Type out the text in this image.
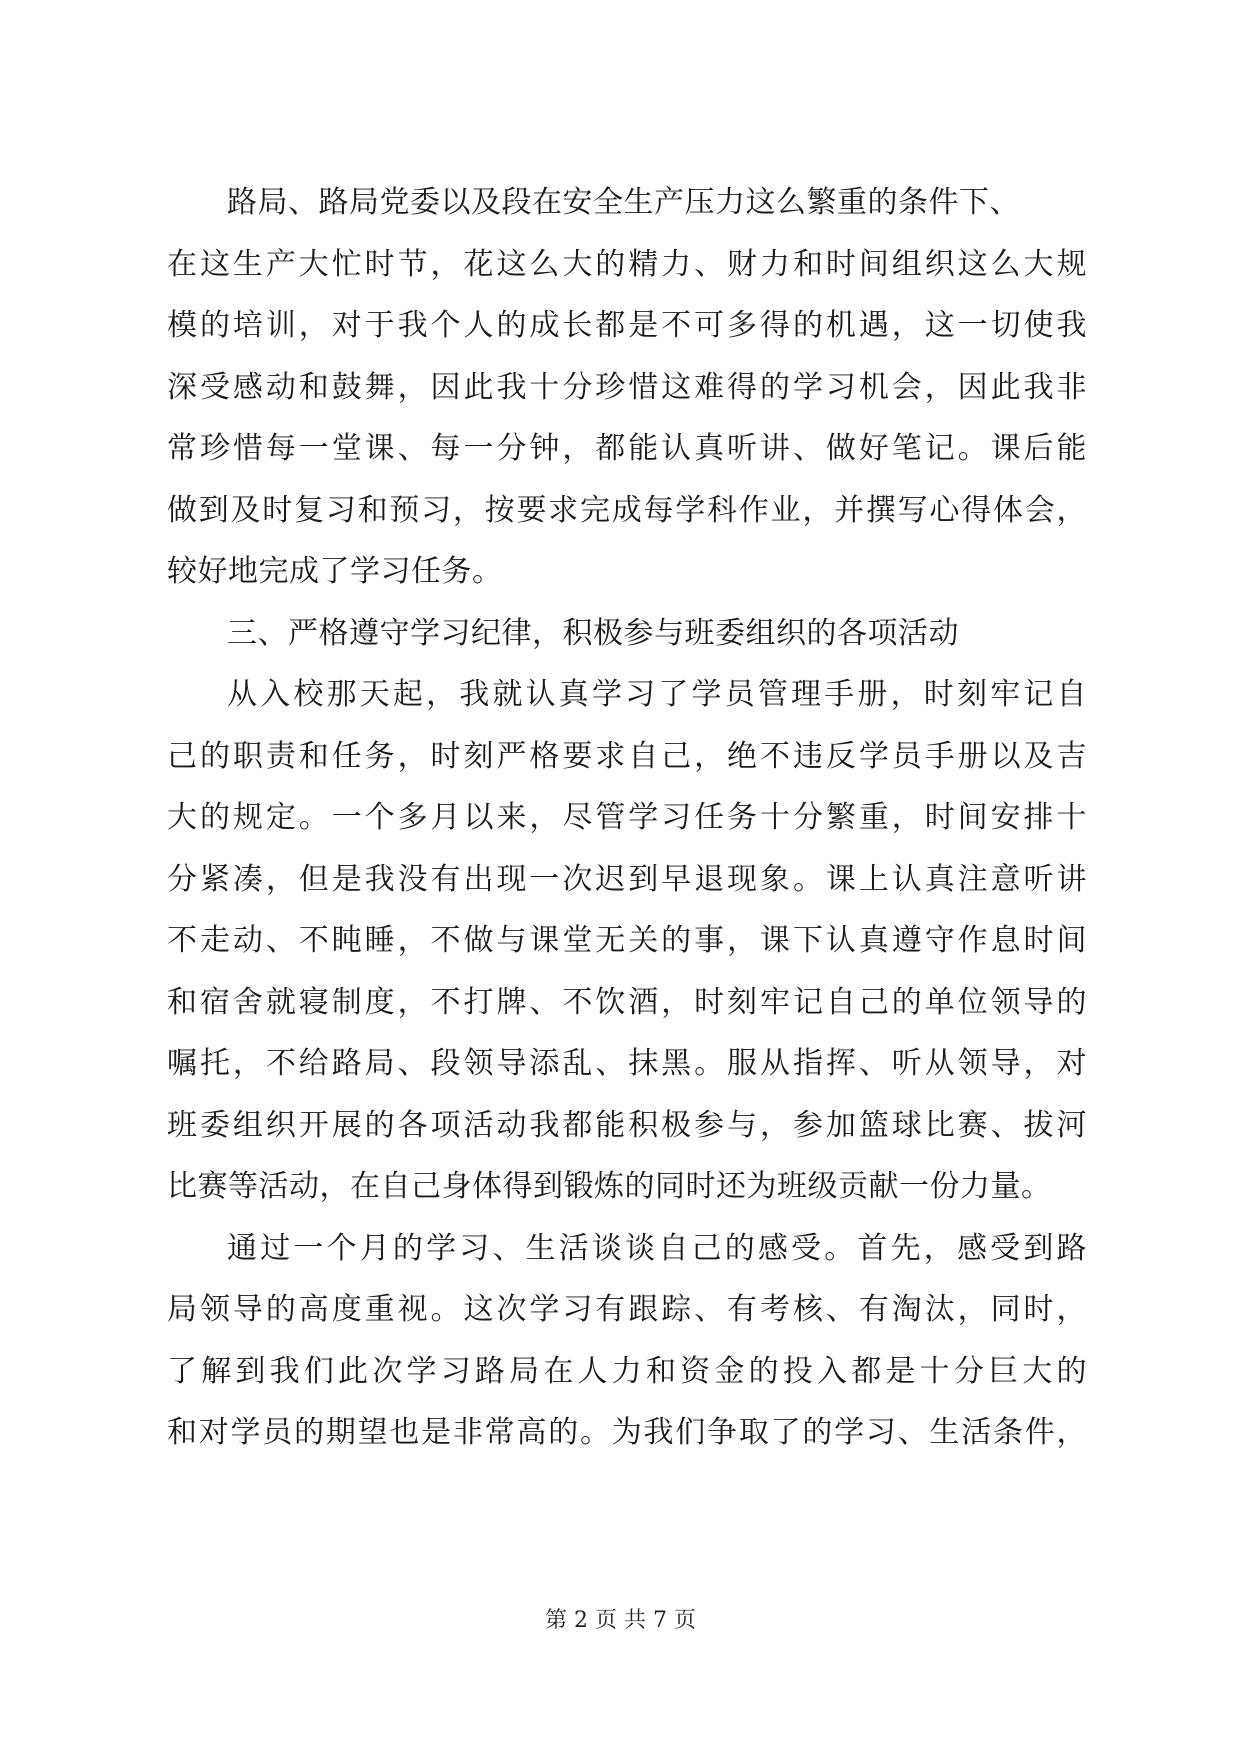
路局、路局党委以及段在安全生产压力这么繁重的条件下、
在这生产大忙时节，花这么大的精力、财力和时间组织这么大规
模的培训，对于我个人的成长都是不可多得的机遇，这一切使我
深受感动和鼓舞，因此我十分珍惜这难得的学习机会，因此我非
常珍惜每一堂课、每一分钟，都能认真听讲、做好笔记。课后能
做到及时复习和预习，按要求完成每学科作业，并撰写心得体会，
较好地完成了学习任务。
三、严格遵守学习纪律，积极参与班委组织的各项活动
从入校那天起，我就认真学习了学员管理手册，时刻牢记自
己的职责和任务，时刻严格要求自己，绝不违反学员手册以及吉
大的规定。一个多月以来，尽管学习任务十分繁重，时间安排十
分紧凑，但是我没有出现一次迟到早退现象。课上认真注意听讲
不走动、不盹睡，不做与课堂无关的事，课下认真遵守作息时间
和宿舍就寝制度，不打牌、不饮酒，时刻牢记自己的单位领导的
嘱托，不给路局、段领导添乱、抹黑。服从指挥、听从领导，对
班委组织开展的各项活动我都能积极参与，参加篮球比赛、拔河
比赛等活动，在自己身体得到锻炼的同时还为班级贡献一份力量。
通过一个月的学习、生活谈谈自己的感受。首先，感受到路
局领导的高度重视。这次学习有跟踪、有考核、有淘汰，同时，
了解到我们此次学习路局在人力和资金的投入都是十分巨大的
和对学员的期望也是非常高的。为我们争取了的学习、生活条件，
第 2 页 共 7 页
